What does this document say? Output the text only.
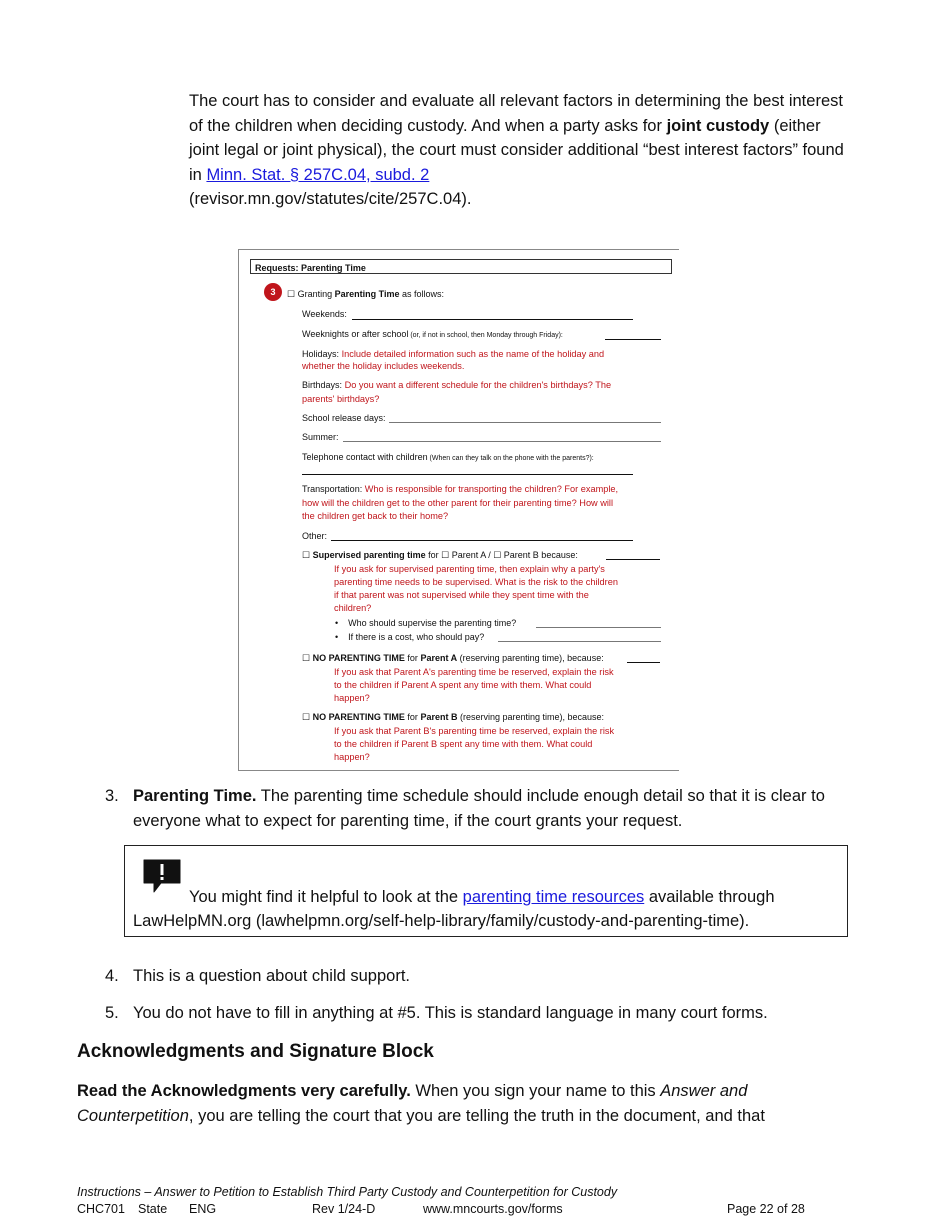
The court has to consider and evaluate all relevant factors in determining the best interest of the children when deciding custody. And when a party asks for joint custody (either joint legal or joint physical), the court must consider additional “best interest factors” found in Minn. Stat. § 257C.04, subd. 2
(revisor.mn.gov/statutes/cite/257C.04).
Requests: Parenting Time
3	☐ Granting Parenting Time as follows:
Weekends:
Weeknights or after school (or, if not in school, then Monday through Friday):
Holidays: Include detailed information such as the name of the holiday and
whether the holiday includes weekends.
Birthdays: Do you want a different schedule for the children's birthdays? The
parents' birthdays?
School release days:
Summer:
Telephone contact with children (When can they talk on the phone with the parents?):
Transportation: Who is responsible for transporting the children? For example,
how will the children get to the other parent for their parenting time? How will
the children get back to their home?
Other:
☐ Supervised parenting time for ☐ Parent A / ☐ Parent B because:
If you ask for supervised parenting time, then explain why a party's
parenting time needs to be supervised. What is the risk to the children
if that parent was not supervised while they spent time with the
children?
•    Who should supervise the parenting time?
•    If there is a cost, who should pay?
☐ NO PARENTING TIME for Parent A (reserving parenting time), because:
If you ask that Parent A's parenting time be reserved, explain the risk
to the children if Parent A spent any time with them. What could
happen?
☐ NO PARENTING TIME for Parent B (reserving parenting time), because:
If you ask that Parent B's parenting time be reserved, explain the risk
to the children if Parent B spent any time with them. What could
happen?
3. Parenting Time. The parenting time schedule should include enough detail so that it is clear to everyone what to expect for parenting time, if the court grants your request.
You might find it helpful to look at the parenting time resources available through
LawHelpMN.org (lawhelpmn.org/self-help-library/family/custody-and-parenting-time).
4. This is a question about child support.
5. You do not have to fill in anything at #5. This is standard language in many court forms.
Acknowledgments and Signature Block
Read the Acknowledgments very carefully. When you sign your name to this Answer and Counterpetition, you are telling the court that you are telling the truth in the document, and that
Instructions – Answer to Petition to Establish Third Party Custody and Counterpetition for Custody
CHC701 State ENG	Rev 1/24-D	www.mncourts.gov/forms	Page 22 of 28
